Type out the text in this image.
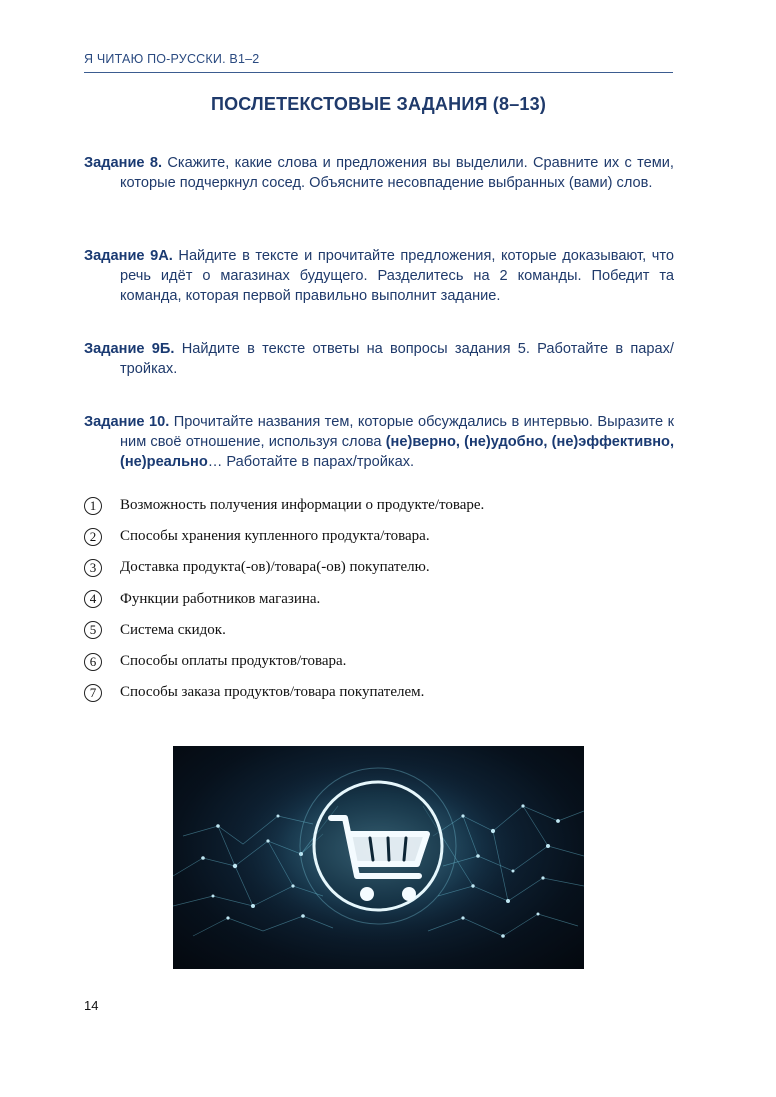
Я ЧИТАЮ ПО-РУССКИ. B1–2
ПОСЛЕТЕКСТОВЫЕ ЗАДАНИЯ (8–13)
Задание 8. Скажите, какие слова и предложения вы выделили. Сравните их с теми, которые подчеркнул сосед. Объясните несовпадение выбранных (вами) слов.
Задание 9А. Найдите в тексте и прочитайте предложения, которые доказывают, что речь идёт о магазинах будущего. Разделитесь на 2 команды. Победит та команда, которая первой правильно выполнит задание.
Задание 9Б. Найдите в тексте ответы на вопросы задания 5. Работайте в парах/тройках.
Задание 10. Прочитайте названия тем, которые обсуждались в интервью. Выразите к ним своё отношение, используя слова (не)верно, (не)удобно, (не)эффективно, (не)реально… Работайте в парах/тройках.
1	Возможность получения информации о продукте/товаре.
2	Способы хранения купленного продукта/товара.
3	Доставка продукта(-ов)/товара(-ов) покупателю.
4	Функции работников магазина.
5	Система скидок.
6	Способы оплаты продуктов/товара.
7	Способы заказа продуктов/товара покупателем.
14
